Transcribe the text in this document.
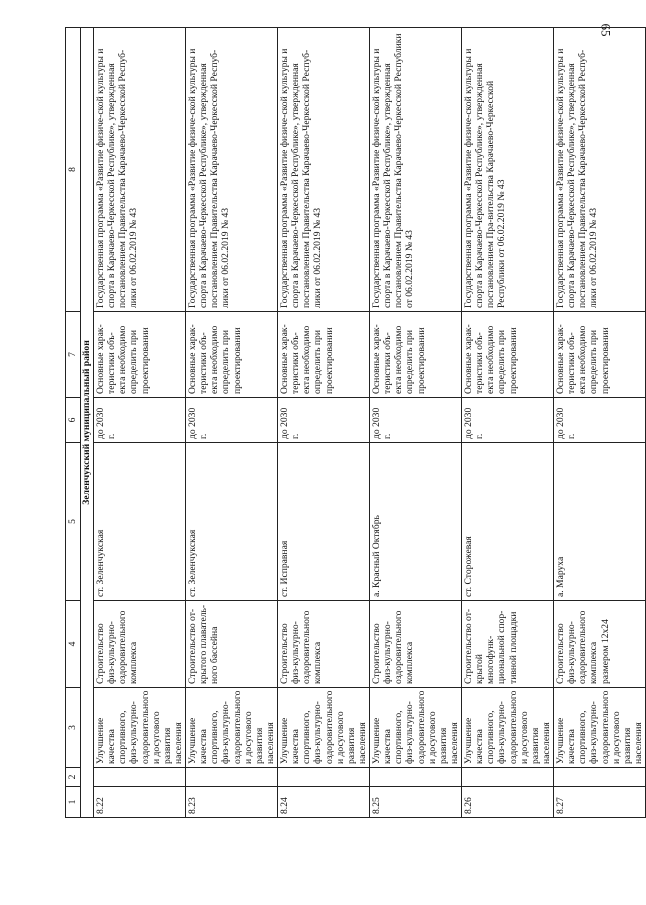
65
1	2	3	4	5	6	7	8
Зеленчукский муниципальный район							
8.22		Улучшение качества спортивного, физ-культурно-оздоровительного и досугового развития населения	Строительство физ-культурно-оздоровительного комплекса	ст. Зеленчукская	до 2030 г.	Основные харак-теристики объ-екта необходимо определить при проектировании	Государственная программа «Развитие физиче-ской культуры и спорта в Карачаево-Черкесской Республике», утвержденная постановлением Правительства Карачаево-Черкесской Респуб-лики от 06.02.2019 № 43
8.23		Улучшение качества спортивного, физ-культурно-оздоровительного и досугового развития населения	Строительство от-крытого плаватель-ного бассейна	ст. Зеленчукская	до 2030 г.	Основные харак-теристики объ-екта необходимо определить при проектировании	Государственная программа «Развитие физиче-ской культуры и спорта в Карачаево-Черкесской Республике», утвержденная постановлением Правительства Карачаево-Черкесской Респуб-лики от 06.02.2019 № 43
8.24		Улучшение качества спортивного, физ-культурно-оздоровительного и досугового развития населения	Строительство физ-культурно-оздоровительного комплекса	ст. Исправная	до 2030 г.	Основные харак-теристики объ-екта необходимо определить при проектировании	Государственная программа «Развитие физиче-ской культуры и спорта в Карачаево-Черкесской Республике», утвержденная постановлением Правительства Карачаево-Черкесской Респуб-лики от 06.02.2019 № 43
8.25		Улучшение качества спортивного, физ-культурно-оздоровительного и досугового развития населения	Строительство физ-культурно-оздоровительного комплекса	а. Красный Октябрь	до 2030 г.	Основные харак-теристики объ-екта необходимо определить при проектировании	Государственная программа «Развитие физиче-ской культуры и спорта в Карачаево-Черкесской Республике», утвержденная постановлением Правительства Карачаево-Черкесской Республики от 06.02.2019 № 43
8.26		Улучшение качества спортивного, физ-культурно-оздоровительного и досугового развития населения	Строительство от-крытой многофунк-циональной спор-тивной площадки	ст. Сторожевая	до 2030 г.	Основные харак-теристики объ-екта необходимо определить при проектировании	Государственная программа «Развитие физиче-ской культуры и спорта в Карачаево-Черкесской Республике», утвержденная постановлением Пра-вительства Карачаево-Черкесской Республики от 06.02.2019 № 43
8.27		Улучшение качества спортивного, физ-культурно-оздоровительного и досугового развития населения	Строительство физ-культурно-оздоровительного комплекса размером 12x24	а. Маруха	до 2030 г.	Основные харак-теристики объ-екта необходимо определить при проектировании	Государственная программа «Развитие физиче-ской культуры и спорта в Карачаево-Черкесской Республике», утвержденная постановлением Правительства Карачаево-Черкесской Респуб-лики от 06.02.2019 № 43
